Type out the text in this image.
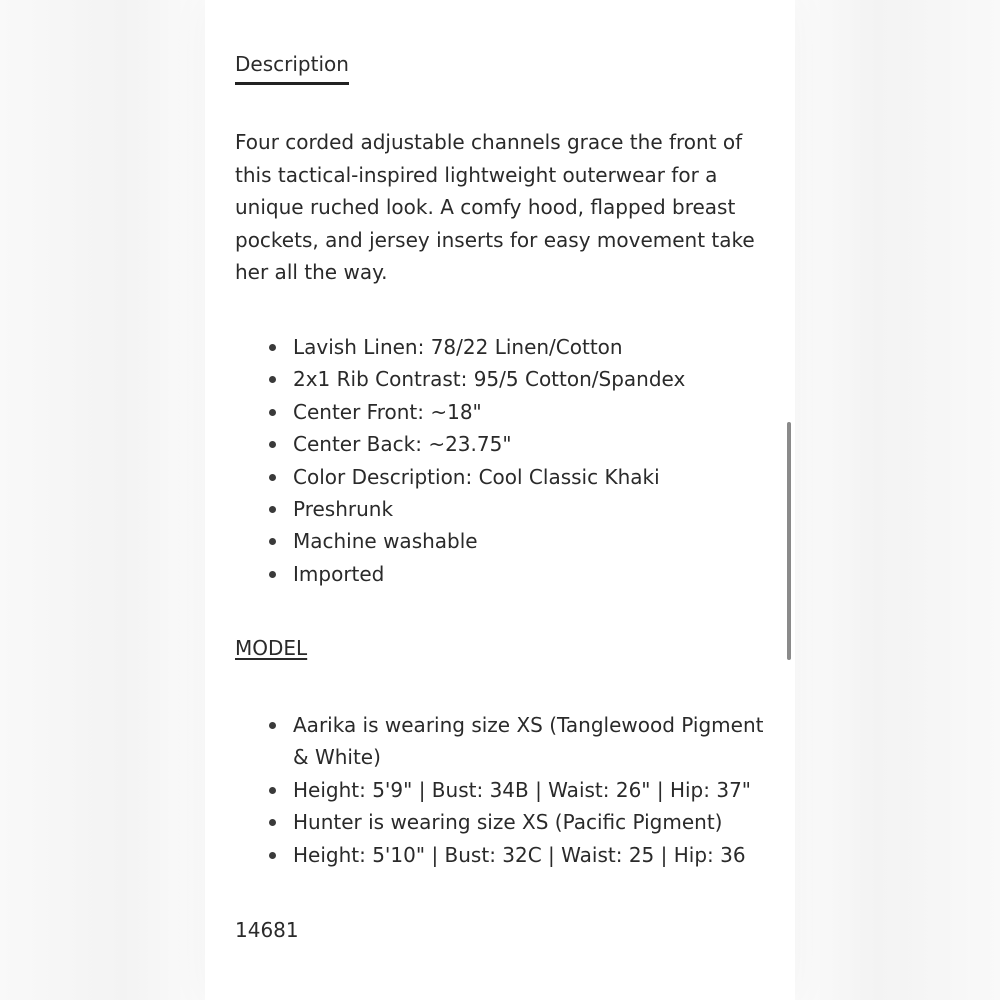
Description

Four corded adjustable channels grace the front of this tactical-inspired lightweight outerwear for a unique ruched look. A comfy hood, flapped breast pockets, and jersey inserts for easy movement take her all the way.

Lavish Linen: 78/22 Linen/Cotton
2x1 Rib Contrast: 95/5 Cotton/Spandex
Center Front: ~18"
Center Back: ~23.75"
Color Description: Cool Classic Khaki
Preshrunk
Machine washable
Imported
MODEL
Aarika is wearing size XS (Tanglewood Pigment & White)
Height: 5'9" | Bust: 34B | Waist: 26" | Hip: 37"
Hunter is wearing size XS (Pacific Pigment)
Height: 5'10" | Bust: 32C | Waist: 25 | Hip: 36
14681
